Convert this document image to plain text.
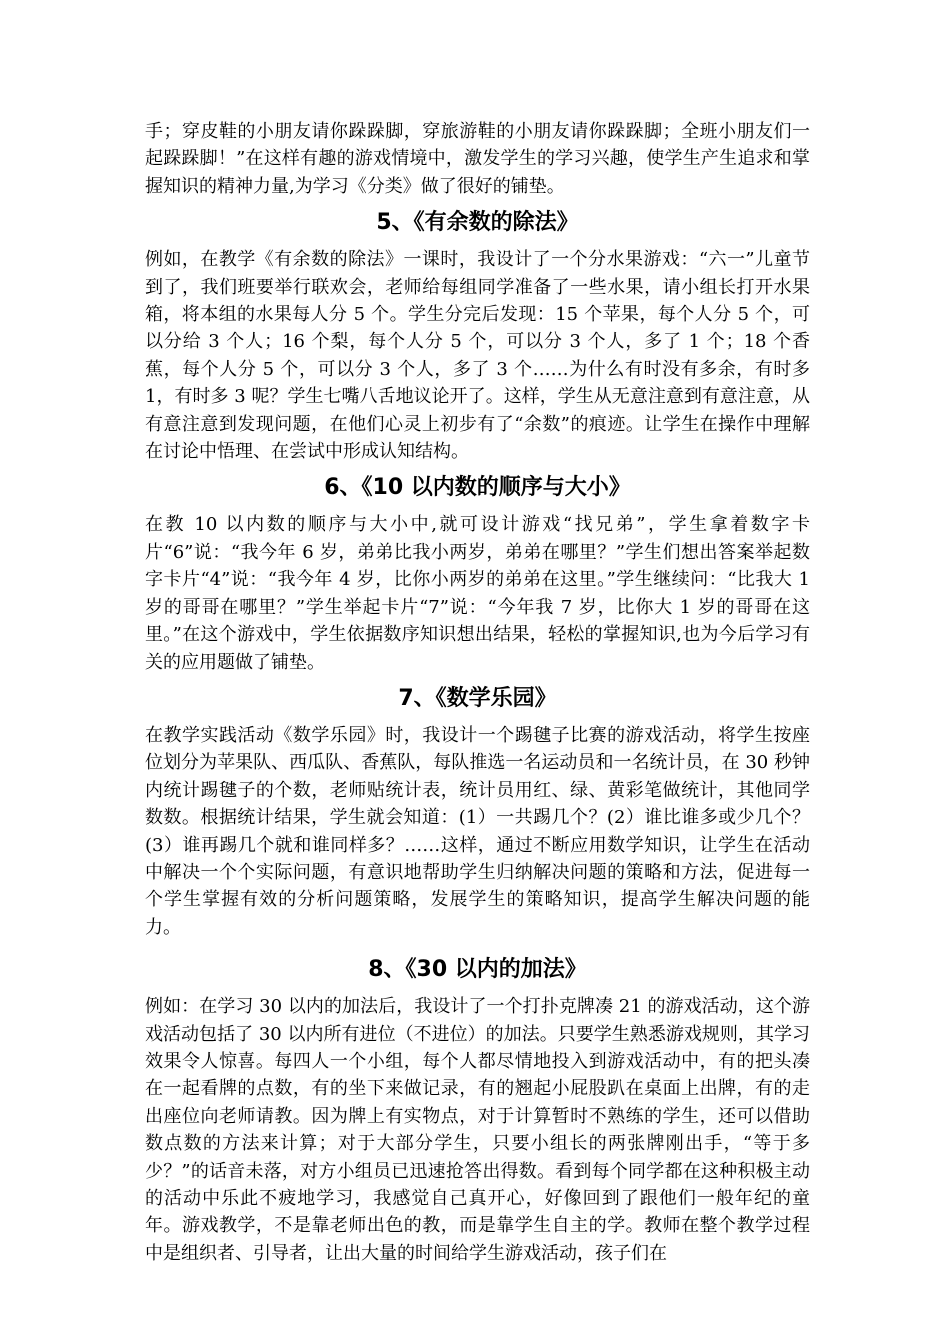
手；穿皮鞋的小朋友请你跺跺脚，穿旅游鞋的小朋友请你跺跺脚；全班小朋友们一起跺跺脚！”在这样有趣的游戏情境中，激发学生的学习兴趣，使学生产生追求和掌握知识的精神力量,为学习《分类》做了很好的铺垫。

5、《有余数的除法》

例如，在教学《有余数的除法》一课时，我设计了一个分水果游戏：“六一”儿童节到了，我们班要举行联欢会，老师给每组同学准备了一些水果，请小组长打开水果箱，将本组的水果每人分 5 个。学生分完后发现：15 个苹果，每个人分 5 个，可以分给 3 个人；16 个梨，每个人分 5 个，可以分 3 个人，多了 1 个；18 个香蕉，每个人分 5 个，可以分 3 个人，多了 3 个……为什么有时没有多余，有时多 1，有时多 3 呢？学生七嘴八舌地议论开了。这样，学生从无意注意到有意注意，从有意注意到发现问题，在他们心灵上初步有了“余数”的痕迹。让学生在操作中理解在讨论中悟理、在尝试中形成认知结构。

6、《10 以内数的顺序与大小》

在教 10 以内数的顺序与大小中,就可设计游戏“找兄弟”，学生拿着数字卡片“6”说：“我今年 6 岁，弟弟比我小两岁，弟弟在哪里？”学生们想出答案举起数字卡片“4”说：“我今年 4 岁，比你小两岁的弟弟在这里。”学生继续问：“比我大 1 岁的哥哥在哪里？”学生举起卡片“7”说：“今年我 7 岁，比你大 1 岁的哥哥在这里。”在这个游戏中，学生依据数序知识想出结果，轻松的掌握知识,也为今后学习有关的应用题做了铺垫。

7、《数学乐园》

在教学实践活动《数学乐园》时，我设计一个踢毽子比赛的游戏活动，将学生按座位划分为苹果队、西瓜队、香蕉队，每队推选一名运动员和一名统计员，在 30 秒钟内统计踢毽子的个数，老师贴统计表，统计员用红、绿、黄彩笔做统计，其他同学数数。根据统计结果，学生就会知道：(1）一共踢几个？(2）谁比谁多或少几个？(3）谁再踢几个就和谁同样多？……这样，通过不断应用数学知识，让学生在活动中解决一个个实际问题，有意识地帮助学生归纳解决问题的策略和方法，促进每一个学生掌握有效的分析问题策略，发展学生的策略知识，提高学生解决问题的能力。

8、《30 以内的加法》

例如：在学习 30 以内的加法后，我设计了一个打扑克牌凑 21 的游戏活动，这个游戏活动包括了 30 以内所有进位（不进位）的加法。只要学生熟悉游戏规则，其学习效果令人惊喜。每四人一个小组，每个人都尽情地投入到游戏活动中，有的把头凑在一起看牌的点数，有的坐下来做记录，有的翘起小屁股趴在桌面上出牌，有的走出座位向老师请教。因为牌上有实物点，对于计算暂时不熟练的学生，还可以借助数点数的方法来计算；对于大部分学生，只要小组长的两张牌刚出手，“等于多少？”的话音未落，对方小组员已迅速抢答出得数。看到每个同学都在这种积极主动的活动中乐此不疲地学习，我感觉自己真开心，好像回到了跟他们一般年纪的童年。游戏教学，不是靠老师出色的教，而是靠学生自主的学。教师在整个教学过程中是组织者、引导者，让出大量的时间给学生游戏活动，孩子们在
